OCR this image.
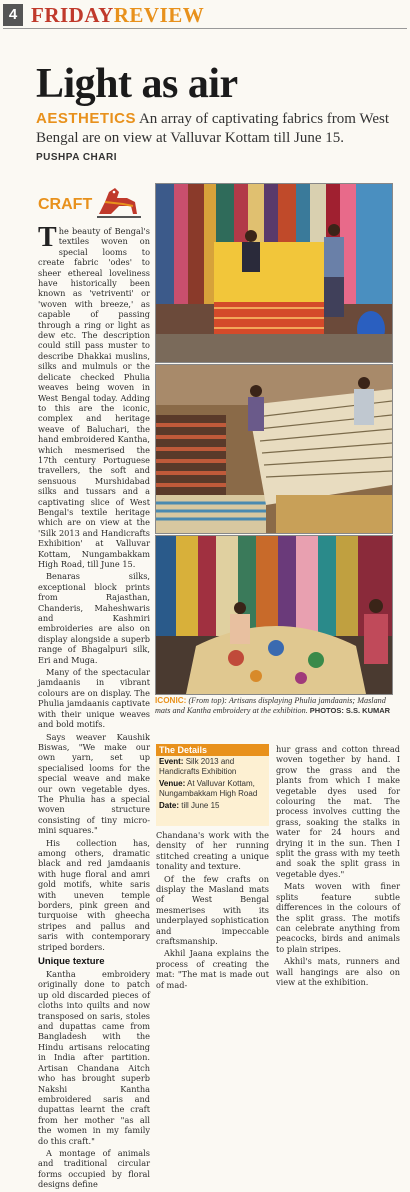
4 FRIDAYREVIEW
Light as air
AESTHETICS An array of captivating fabrics from West Bengal are on view at Valluvar Kottam till June 15.
PUSHPA CHARI
CRAFT

The beauty of Bengal's textiles woven on special looms to create fabric 'odes' to sheer ethereal loveliness have historically been known as 'vetriventi' or 'woven with breeze,' as capable of passing through a ring or light as dew etc. The description could still pass muster to describe Dhakkai muslins, silks and mulmuls or the delicate checked Phulia weaves being woven in West Bengal today. Adding to this are the iconic, complex and heritage weave of Baluchari, the hand embroidered Kantha, which mesmerised the 17th century Portuguese travellers, the soft and sensuous Murshidabad silks and tussars and a captivating slice of West Bengal's textile heritage which are on view at the 'Silk 2013 and Handicrafts Exhibition' at Valluvar Kottam, Nungambakkam High Road, till June 15.

Benaras silks, exceptional block prints from Rajasthan, Chanderis, Maheshwaris and Kashmiri embroideries are also on display alongside a superb range of Bhagalpuri silk, Eri and Muga.

Many of the spectacular jamdaanis in vibrant colours are on display. The Phulia jamdaanis captivate with their unique weaves and bold motifs.

Says weaver Kaushik Biswas, "We make our own yarn, set up specialised looms for the special weave and make our own vegetable dyes. The Phulia has a special woven structure consisting of tiny micro-mini squares."

His collection has, among others, dramatic black and red jamdaanis with huge floral and amri gold motifs, white saris with uneven temple borders, pink green and turquoise with gheecha stripes and pallus and saris with contemporary striped borders.

Unique texture

Kantha embroidery originally done to patch up old discarded pieces of cloths into quilts and now transposed on saris, stoles and dupattas came from Bangladesh with the Hindu artisans relocating in India after partition. Artisan Chandana Aitch who has brought superb Nakshi Kantha embroidered saris and dupattas learnt the craft from her mother "as all the women in my family do this craft."

A montage of animals and traditional circular forms occupied by floral designs define

ICONIC: (From top): Artisans displaying Phulia jamdaanis; Masland mats and Kantha embroidery at the exhibition. PHOTOS: S.S. KUMAR
The Details
Event: Silk 2013 and Handicrafts Exhibition
Venue: At Valluvar Kottam, Nungambakkam High Road
Date: till June 15

Chandana's work with the density of her running stitched creating a unique tonality and texture.

Of the few crafts on display the Masland mats of West Bengal mesmerises with its underplayed sophistication and impeccable craftsmanship.

Akhil Jaana explains the process of creating the mat: "The mat is made out of mad-

hur grass and cotton thread woven together by hand. I grow the grass and the plants from which I make vegetable dyes used for colouring the mat. The process involves cutting the grass, soaking the stalks in water for 24 hours and drying it in the sun. Then I split the grass with my teeth and soak the split grass in vegetable dyes."

Mats woven with finer splits feature subtle differences in the colours of the split grass. The motifs can celebrate anything from peacocks, birds and animals to plain stripes.

Akhil's mats, runners and wall hangings are also on view at the exhibition.
